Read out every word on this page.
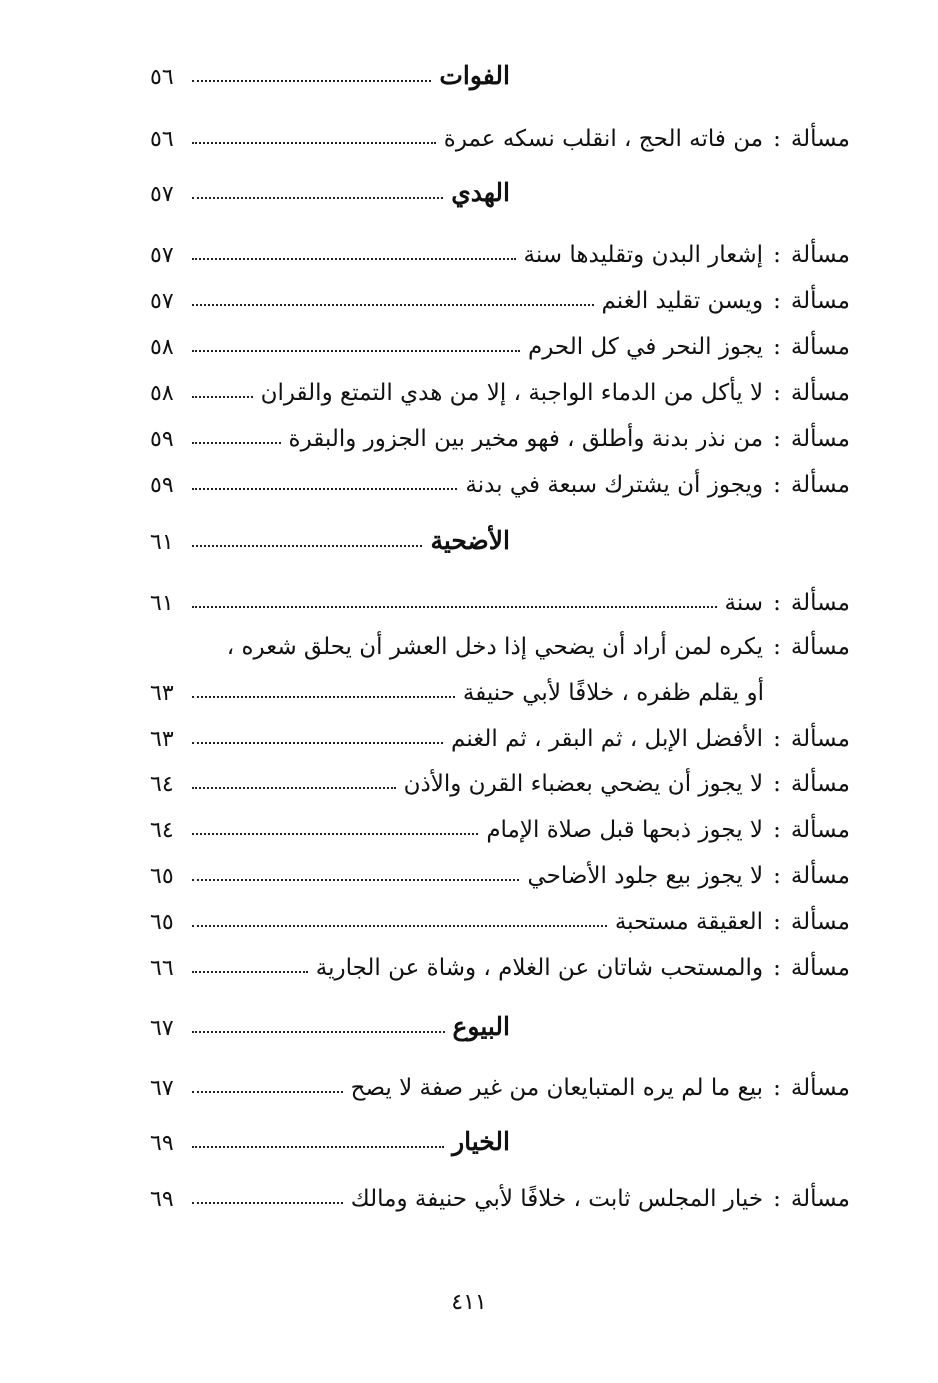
الفوات
٥٦
مسألة
:
من فاته الحج ، انقلب نسكه عمرة
٥٦
الهدي
٥٧
مسألة
:
إشعار البدن وتقليدها سنة
٥٧
مسألة
:
ويسن تقليد الغنم
٥٧
مسألة
:
يجوز النحر في كل الحرم
٥٨
مسألة
:
لا يأكل من الدماء الواجبة ، إلا من هدي التمتع والقران
٥٨
مسألة
:
من نذر بدنة وأطلق ، فهو مخير بين الجزور والبقرة
٥٩
مسألة
:
ويجوز أن يشترك سبعة في بدنة
٥٩
الأضحية
٦١
مسألة
:
سنة
٦١
مسألة
:
يكره لمن أراد أن يضحي إذا دخل العشر أن يحلق شعره ،
أو يقلم ظفره ، خلافًا لأبي حنيفة
٦٣
مسألة
:
الأفضل الإبل ، ثم البقر ، ثم الغنم
٦٣
مسألة
:
لا يجوز أن يضحي بعضباء القرن والأذن
٦٤
مسألة
:
لا يجوز ذبحها قبل صلاة الإمام
٦٤
مسألة
:
لا يجوز بيع جلود الأضاحي
٦٥
مسألة
:
العقيقة مستحبة
٦٥
مسألة
:
والمستحب شاتان عن الغلام ، وشاة عن الجارية
٦٦
البيوع
٦٧
مسألة
:
بيع ما لم يره المتبايعان من غير صفة لا يصح
٦٧
الخيار
٦٩
مسألة
:
خيار المجلس ثابت ، خلافًا لأبي حنيفة ومالك
٦٩
٤١١
